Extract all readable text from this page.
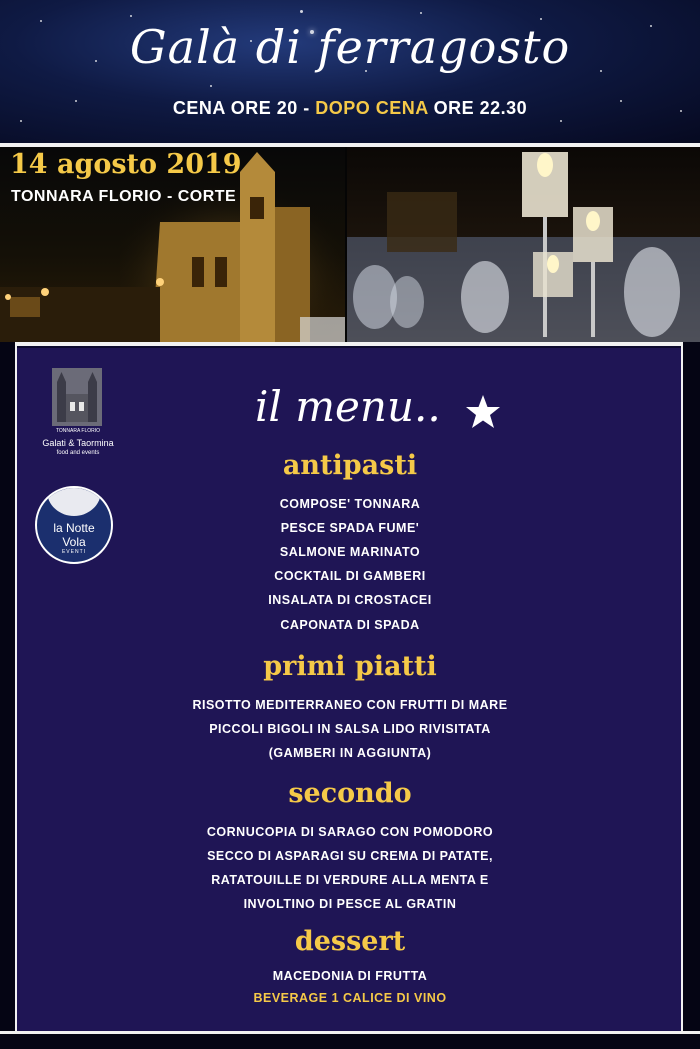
Galà di ferragosto
CENA ORE 20 - DOPO CENA ORE 22.30
14 agosto 2019
TONNARA FLORIO - CORTE
TONNARA FLORIO
Galati & Taormina
food and events
la Notte
Vola
EVENTI
il menu..
antipasti
COMPOSE' TONNARA
PESCE SPADA FUME'
SALMONE MARINATO
COCKTAIL DI GAMBERI
INSALATA DI CROSTACEI
CAPONATA DI SPADA
primi piatti
RISOTTO MEDITERRANEO CON FRUTTI DI MARE
PICCOLI BIGOLI IN SALSA LIDO RIVISITATA
(GAMBERI IN AGGIUNTA)
secondo
CORNUCOPIA DI SARAGO CON POMODORO
SECCO DI ASPARAGI SU CREMA DI PATATE,
RATATOUILLE DI VERDURE ALLA MENTA E
INVOLTINO DI PESCE AL GRATIN
dessert
MACEDONIA DI FRUTTA
BEVERAGE 1 CALICE DI VINO
